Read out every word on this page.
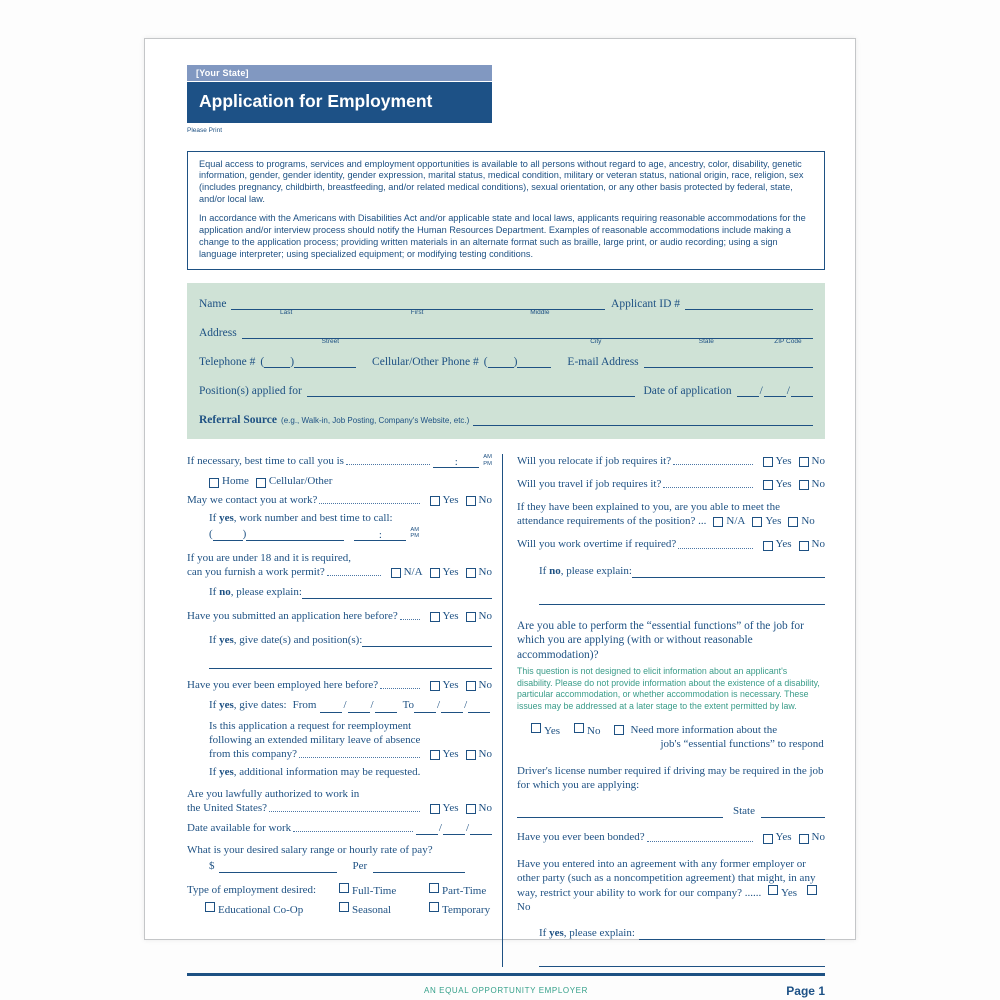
[Your State]
Application for Employment
Please Print

Equal access to programs, services and employment opportunities is available to all persons without regard to age, ancestry, color, disability, genetic information, gender, gender identity, gender expression, marital status, medical condition, military or veteran status, national origin, race, religion, sex (includes pregnancy, childbirth, breastfeeding, and/or related medical conditions), sexual orientation, or any other basis protected by federal, state, and/or local law.

In accordance with the Americans with Disabilities Act and/or applicable state and local laws, applicants requiring reasonable accommodations for the application and/or interview process should notify the Human Resources Department. Examples of reasonable accommodations include making a change to the application process; providing written materials in an alternate format such as braille, large print, or audio recording; using a sign language interpreter; using specialized equipment; or modifying testing conditions.

Name
Last	First	Middle
Applicant ID #
Address
Street	City	State	ZIP Code
Telephone # ( )	Cellular/Other Phone # ( )	E-mail Address
Position(s) applied for	Date of application / /
Referral Source (e.g., Walk-in, Job Posting, Company's Website, etc.)
If necessary, best time to call you is	:	AM
PM
Home Cellular/Other
May we contact you at work?	Yes No
If yes, work number and best time to call:
(	)	:	AM
PM
If you are under 18 and it is required,
can you furnish a work permit?	N/A Yes No
If no, please explain:
Have you submitted an application here before?	Yes No
If yes, give date(s) and position(s):
Have you ever been employed here before?	Yes No
If yes, give dates: From / /	To / /
Is this application a request for reemployment
following an extended military leave of absence
from this company?	Yes No
If yes, additional information may be requested.
Are you lawfully authorized to work in
the United States?	Yes No
Date available for work	/ /
What is your desired salary range or hourly rate of pay?
$	Per
Type of employment desired:	Full-Time	Part-Time
Educational Co-Op	Seasonal	Temporary
Will you relocate if job requires it?	Yes No
Will you travel if job requires it?	Yes No
If they have been explained to you, are you able to meet the
attendance requirements of the position? ... N/A Yes No
Will you work overtime if required?	Yes No
If no, please explain:
Are you able to perform the “essential functions” of the job for which you are applying (with or without reasonable accommodation)?
This question is not designed to elicit information about an applicant's disability. Please do not provide information about the existence of a disability, particular accommodation, or whether accommodation is necessary. These issues may be addressed at a later stage to the extent permitted by law.
Yes	No	Need more information about the
job's “essential functions” to respond
Driver's license number required if driving may be required in the job for which you are applying:
State
Have you ever been bonded?	Yes No
Have you entered into an agreement with any former employer or other party (such as a noncompetition agreement) that might, in any way, restrict your ability to work for our company? ...... Yes No
If yes, please explain:
AN EQUAL OPPORTUNITY EMPLOYER	Page 1
